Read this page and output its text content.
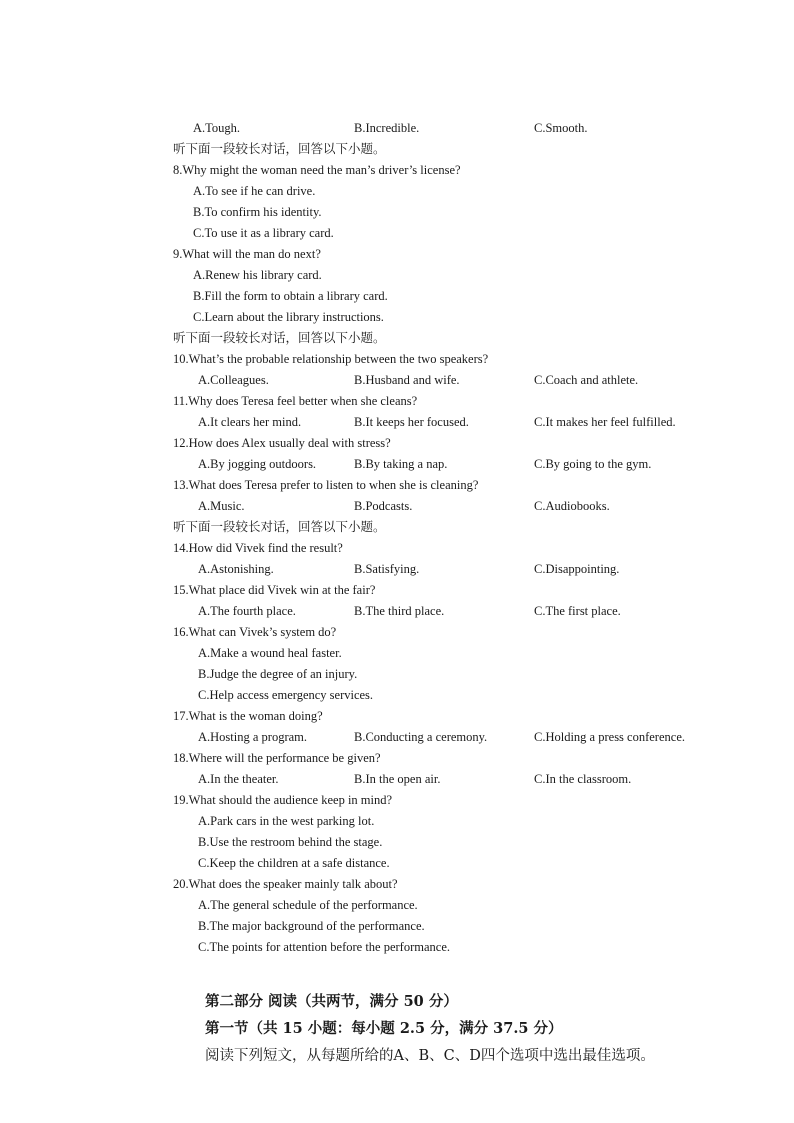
A.Tough.	B.Incredible.	C.Smooth.
听下面一段较长对话，回答以下小题。
8.Why might the woman need the man’s driver’s license?
A.To see if he can drive.
B.To confirm his identity.
C.To use it as a library card.
9.What will the man do next?
A.Renew his library card.
B.Fill the form to obtain a library card.
C.Learn about the library instructions.
听下面一段较长对话，回答以下小题。
10.What’s the probable relationship between the two speakers?
A.Colleagues.	B.Husband and wife.	C.Coach and athlete.
11.Why does Teresa feel better when she cleans?
A.It clears her mind.	B.It keeps her focused.	C.It makes her feel fulfilled.
12.How does Alex usually deal with stress?
A.By jogging outdoors.	B.By taking a nap.	C.By going to the gym.
13.What does Teresa prefer to listen to when she is cleaning?
A.Music.	B.Podcasts.	C.Audiobooks.
听下面一段较长对话，回答以下小题。
14.How did Vivek find the result?
A.Astonishing.	B.Satisfying.	C.Disappointing.
15.What place did Vivek win at the fair?
A.The fourth place.	B.The third place.	C.The first place.
16.What can Vivek’s system do?
A.Make a wound heal faster.
B.Judge the degree of an injury.
C.Help access emergency services.
17.What is the woman doing?
A.Hosting a program.	B.Conducting a ceremony.	C.Holding a press conference.
18.Where will the performance be given?
A.In the theater.	B.In the open air.	C.In the classroom.
19.What should the audience keep in mind?
A.Park cars in the west parking lot.
B.Use the restroom behind the stage.
C.Keep the children at a safe distance.
20.What does the speaker mainly talk about?
A.The general schedule of the performance.
B.The major background of the performance.
C.The points for attention before the performance.
第二部分 阅读（共两节，满分 50 分）
第一节（共 15 小题：每小题 2.5 分，满分 37.5 分）
阅读下列短文，从每题所给的A、B、C、D四个选项中选出最佳选项。
